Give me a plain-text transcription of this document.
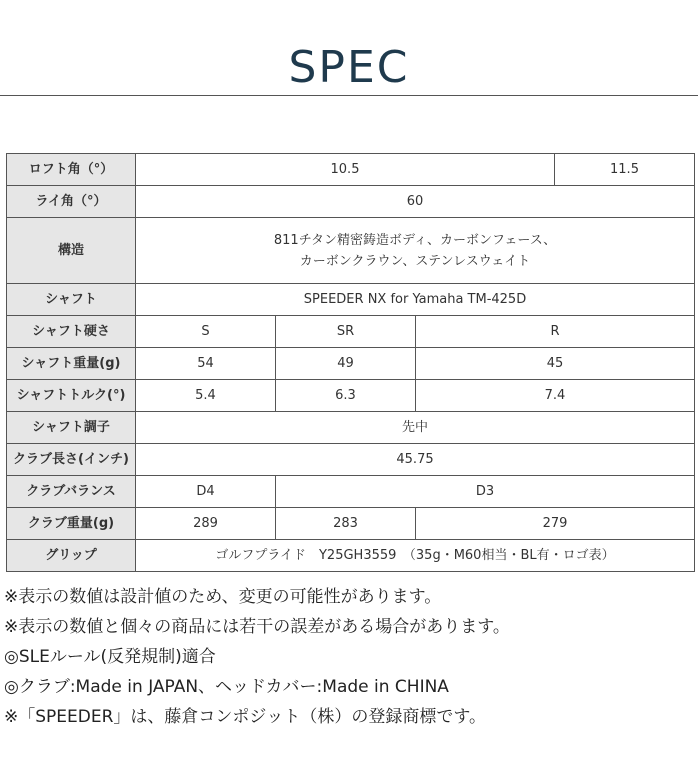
SPEC
ロフト角（°）	10.5			11.5
ライ角（°）	60			
構造	811チタン精密鋳造ボディ、カーボンフェース、
カーボンクラウン、ステンレスウェイト			

シャフト	SPEEDER NX for Yamaha TM-425D			
シャフト硬さ	S	SR	R	
シャフト重量(g)	54	49	45	
シャフトトルク(°)	5.4	6.3	7.4	
シャフト調子	先中			
クラブ長さ(インチ)	45.75			
クラブバランス	D4	D3		
クラブ重量(g)	289	283	279	
グリップ	ゴルフプライド　Y25GH3559　（35g・M60相当・BL有・ロゴ表）			
※表示の数値は設計値のため、変更の可能性があります。
※表示の数値と個々の商品には若干の誤差がある場合があります。
◎SLEルール(反発規制)適合
◎クラブ:Made in JAPAN、ヘッドカバー:Made in CHINA
※「SPEEDER」は、藤倉コンポジット（株）の登録商標です。
